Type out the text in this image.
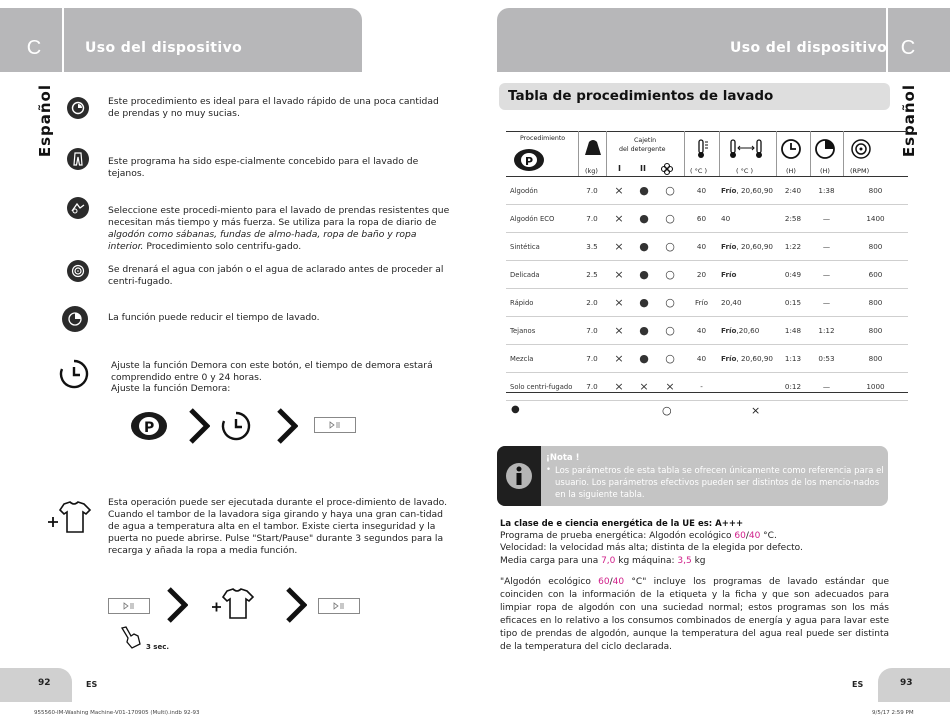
C	Uso del dispositivo
Español	Este procedimiento es ideal para el lavado rápido de una poca cantidad de prendas y no muy sucias.
Este programa ha sido espe-cialmente concebido para el lavado de tejanos.
Seleccione este procedi-miento para el lavado de prendas resistentes que necesitan más tiempo y más fuerza. Se utiliza para la ropa de diario de algodón como sábanas, fundas de almo-hada, ropa de baño y ropa interior. Procedimiento solo centrifu-gado.
Se drenará el agua con jabón o el agua de aclarado antes de proceder al centri-fugado.
La función puede reducir el tiempo de lavado.
Ajuste la función Demora con este botón, el tiempo de demora estará
comprendido entre 0 y 24 horas.
Ajuste la función Demora:
P
Esta operación puede ser ejecutada durante el proce-dimiento de lavado. Cuando el tambor de la lavadora siga girando y haya una gran can-tidad de agua a temperatura alta en el tambor. Existe cierta inseguridad y la puerta no puede abrirse. Pulse "Start/Pause" durante 3 segundos para la recarga y añada la ropa a media función.
3 sec.
92	ES
955560-IM-Washing Machine-V01-170905 (Multi).indb 92-93
C
Uso del dispositivo
Español
Tabla de procedimientos de lavado
Procedimiento
P
(kg)
Cajetín
del detergente
I II	( °C )	( °C )	(H)	(H)	(RPM)
Algodón	7.0	×	●	○	40	Frío, 20,60,90	2:40	1:38	800
Algodón ECO	7.0	×	●	○	60	40	2:58	—	1400
Sintética	3.5	×	●	○	40	Frío, 20,60,90	1:22	—	800
Delicada	2.5	×	●	○	20	Frío	0:49	—	600
Rápido	2.0	×	●	○	Frío	20,40	0:15	—	800
Tejanos	7.0	×	●	○	40	Frío,20,60	1:48	1:12	800
Mezcla	7.0	×	●	○	40	Frío, 20,60,90	1:13	0:53	800
Solo centri-fugado	7.0	×	×	×	-		0:12	—	1000
●	○	×
¡Nota !
• Los parámetros de esta tabla se ofrecen únicamente como referencia para el usuario. Los parámetros efectivos pueden ser distintos de los mencio-nados en la siguiente tabla.
La clase de e ciencia energética de la UE es: A+++
Programa de prueba energética: Algodón ecológico 60/40 °C.
Velocidad: la velocidad más alta; distinta de la elegida por defecto.
Media carga para una 7,0 kg máquina: 3,5 kg
"Algodón ecológico 60/40 °C" incluye los programas de lavado estándar que coinciden con la información de la etiqueta y la ficha y que son adecuados para limpiar ropa de algodón con una suciedad normal; estos programas son los más eficaces en lo relativo a los consumos combinados de energía y agua para lavar este tipo de prendas de algodón, aunque la temperatura del agua real puede ser distinta de la temperatura del ciclo declarada.
93
ES
9/5/17 2:59 PM
